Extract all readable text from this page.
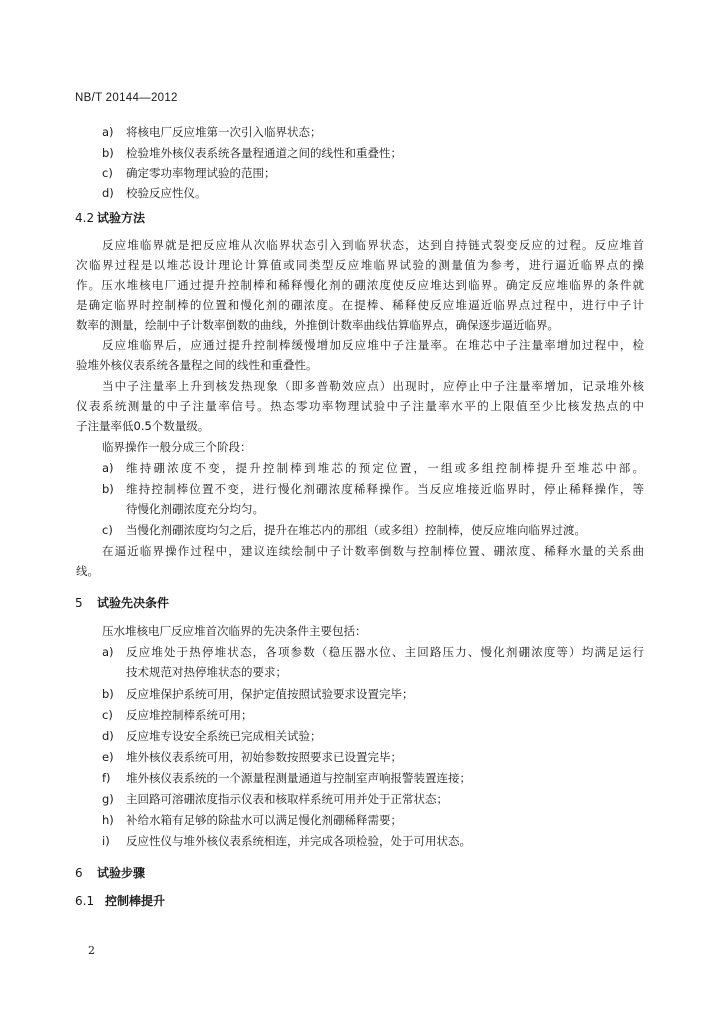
NB/T 20144—2012
a) 将核电厂反应堆第一次引入临界状态；
b) 检验堆外核仪表系统各量程通道之间的线性和重叠性；
c) 确定零功率物理试验的范围；
d) 校验反应性仪。
4.2 试验方法
反应堆临界就是把反应堆从次临界状态引入到临界状态，达到自持链式裂变反应的过程。反应堆首
次临界过程是以堆芯设计理论计算值或同类型反应堆临界试验的测量值为参考，进行逼近临界点的操
作。压水堆核电厂通过提升控制棒和稀释慢化剂的硼浓度使反应堆达到临界。确定反应堆临界的条件就
是确定临界时控制棒的位置和慢化剂的硼浓度。在提棒、稀释使反应堆逼近临界点过程中，进行中子计
数率的测量，绘制中子计数率倒数的曲线，外推倒计数率曲线估算临界点，确保逐步逼近临界。
反应堆临界后，应通过提升控制棒缓慢增加反应堆中子注量率。在堆芯中子注量率增加过程中，检
验堆外核仪表系统各量程之间的线性和重叠性。
当中子注量率上升到核发热现象（即多普勒效应点）出现时，应停止中子注量率增加，记录堆外核
仪表系统测量的中子注量率信号。热态零功率物理试验中子注量率水平的上限值至少比核发热点的中
子注量率低0.5个数量级。
临界操作一般分成三个阶段：
a) 维持硼浓度不变，提升控制棒到堆芯的预定位置，一组或多组控制棒提升至堆芯中部。
b) 维持控制棒位置不变，进行慢化剂硼浓度稀释操作。当反应堆接近临界时，停止稀释操作，等
待慢化剂硼浓度充分均匀。
c) 当慢化剂硼浓度均匀之后，提升在堆芯内的那组（或多组）控制棒，使反应堆向临界过渡。
在逼近临界操作过程中，建议连续绘制中子计数率倒数与控制棒位置、硼浓度、稀释水量的关系曲
线。
5 试验先决条件
压水堆核电厂反应堆首次临界的先决条件主要包括：
a) 反应堆处于热停堆状态，各项参数（稳压器水位、主回路压力、慢化剂硼浓度等）均满足运行
技术规范对热停堆状态的要求；
b) 反应堆保护系统可用，保护定值按照试验要求设置完毕；
c) 反应堆控制棒系统可用；
d) 反应堆专设安全系统已完成相关试验；
e) 堆外核仪表系统可用，初始参数按照要求已设置完毕；
f) 堆外核仪表系统的一个源量程测量通道与控制室声响报警装置连接；
g) 主回路可溶硼浓度指示仪表和核取样系统可用并处于正常状态；
h) 补给水箱有足够的除盐水可以满足慢化剂硼稀释需要；
i) 反应性仪与堆外核仪表系统相连，并完成各项检验，处于可用状态。
6 试验步骤
6.1 控制棒提升
2
